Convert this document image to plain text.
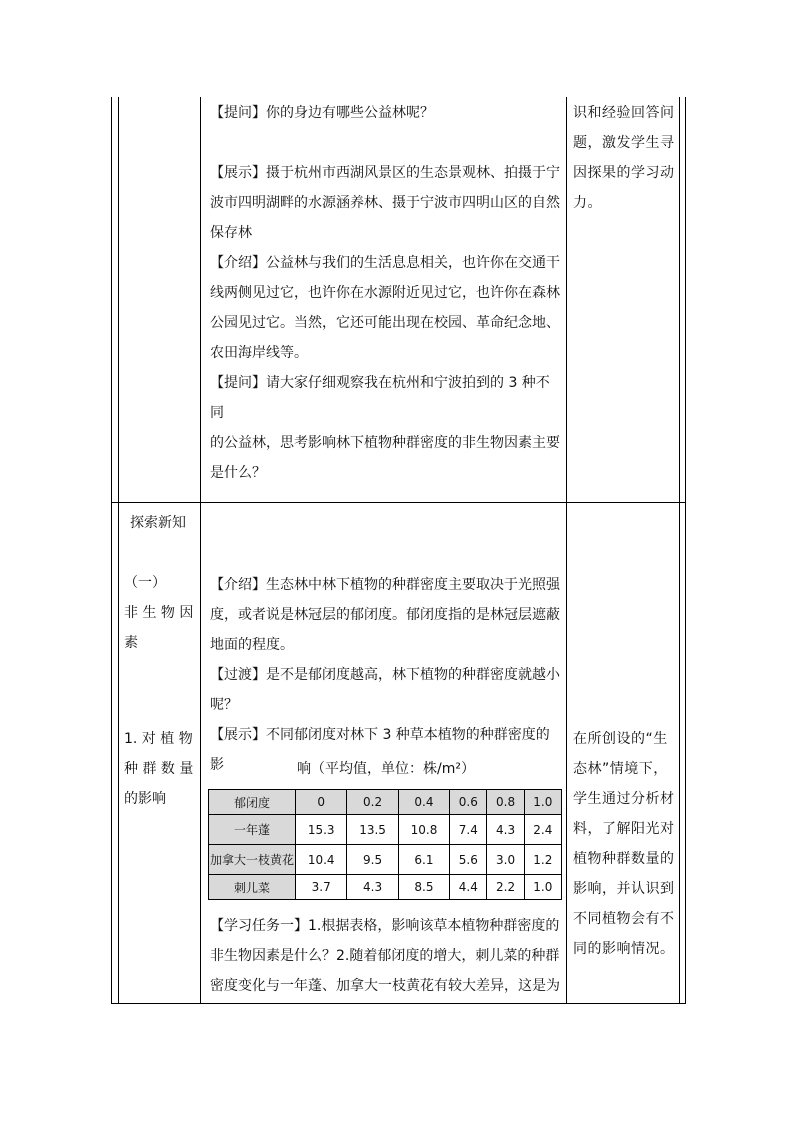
【提问】你的身边有哪些公益林呢？

【展示】摄于杭州市西湖风景区的生态景观林、拍摄于宁

波市四明湖畔的水源涵养林、摄于宁波市四明山区的自然

保存林

【介绍】公益林与我们的生活息息相关，也许你在交通干

线两侧见过它，也许你在水源附近见过它，也许你在森林

公园见过它。当然，它还可能出现在校园、革命纪念地、

农田海岸线等。

【提问】请大家仔细观察我在杭州和宁波拍到的 3 种不同

的公益林，思考影响林下植物种群密度的非生物因素主要

是什么？

识和经验回答问

题，激发学生寻

因探果的学习动

力。

探索新知

（一）

非 生 物 因

素

1. 对 植 物

种 群 数 量

的影响

【介绍】生态林中林下植物的种群密度主要取决于光照强

度，或者说是林冠层的郁闭度。郁闭度指的是林冠层遮蔽

地面的程度。

【过渡】是不是郁闭度越高，林下植物的种群密度就越小

呢？

【展示】不同郁闭度对林下 3 种草本植物的种群密度的影	响（平均值，单位：株/m²）
郁闭度	0	0.2	0.4	0.6	0.8	1.0
一年蓬	15.3	13.5	10.8	7.4	4.3	2.4
加拿大一枝黄花	10.4	9.5	6.1	5.6	3.0	1.2
刺儿菜	3.7	4.3	8.5	4.4	2.2	1.0

【学习任务一】1.根据表格，影响该草本植物种群密度的

非生物因素是什么？2.随着郁闭度的增大，刺儿菜的种群

密度变化与一年蓬、加拿大一枝黄花有较大差异，这是为

在所创设的“生

态林”情境下，

学生通过分析材

料，了解阳光对

植物种群数量的

影响，并认识到

不同植物会有不

同的影响情况。
